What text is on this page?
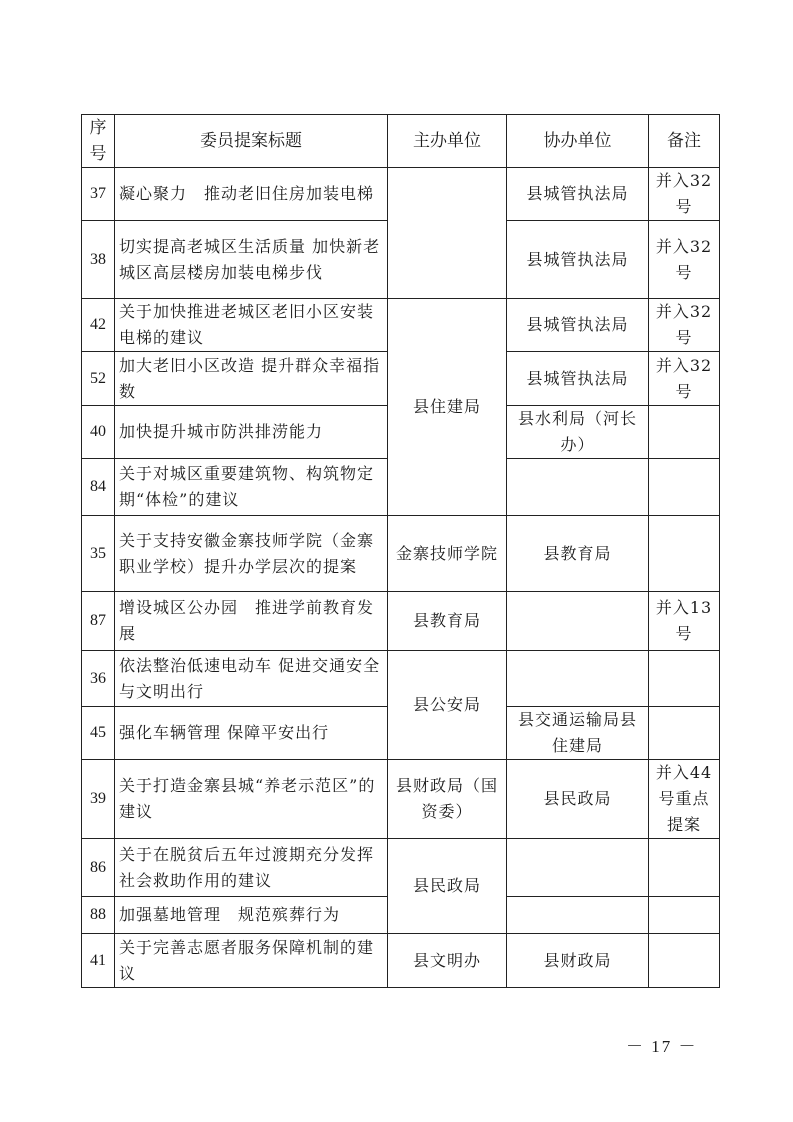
序号	委员提案标题	主办单位	协办单位	备注
37	凝心聚力　推动老旧住房加装电梯		县城管执法局	并入32号
38	切实提高老城区生活质量 加快新老城区高层楼房加装电梯步伐		县城管执法局	并入32号
42	关于加快推进老城区老旧小区安装电梯的建议	县住建局	县城管执法局	并入32号
52	加大老旧小区改造 提升群众幸福指数		县城管执法局	并入32号
40	加快提升城市防洪排涝能力		县水利局（河长办）	
84	关于对城区重要建筑物、构筑物定期“体检”的建议			
35	关于支持安徽金寨技师学院（金寨职业学校）提升办学层次的提案	金寨技师学院	县教育局	
87	增设城区公办园　推进学前教育发展	县教育局		并入13号
36	依法整治低速电动车 促进交通安全与文明出行	县公安局		
45	强化车辆管理 保障平安出行		县交通运输局县住建局	
39	关于打造金寨县城“养老示范区”的建议	县财政局（国资委）	县民政局	并入44号重点提案
86	关于在脱贫后五年过渡期充分发挥社会救助作用的建议	县民政局		
88	加强墓地管理　规范殡葬行为			
41	关于完善志愿者服务保障机制的建议	县文明办	县财政局	
－ 17 －
